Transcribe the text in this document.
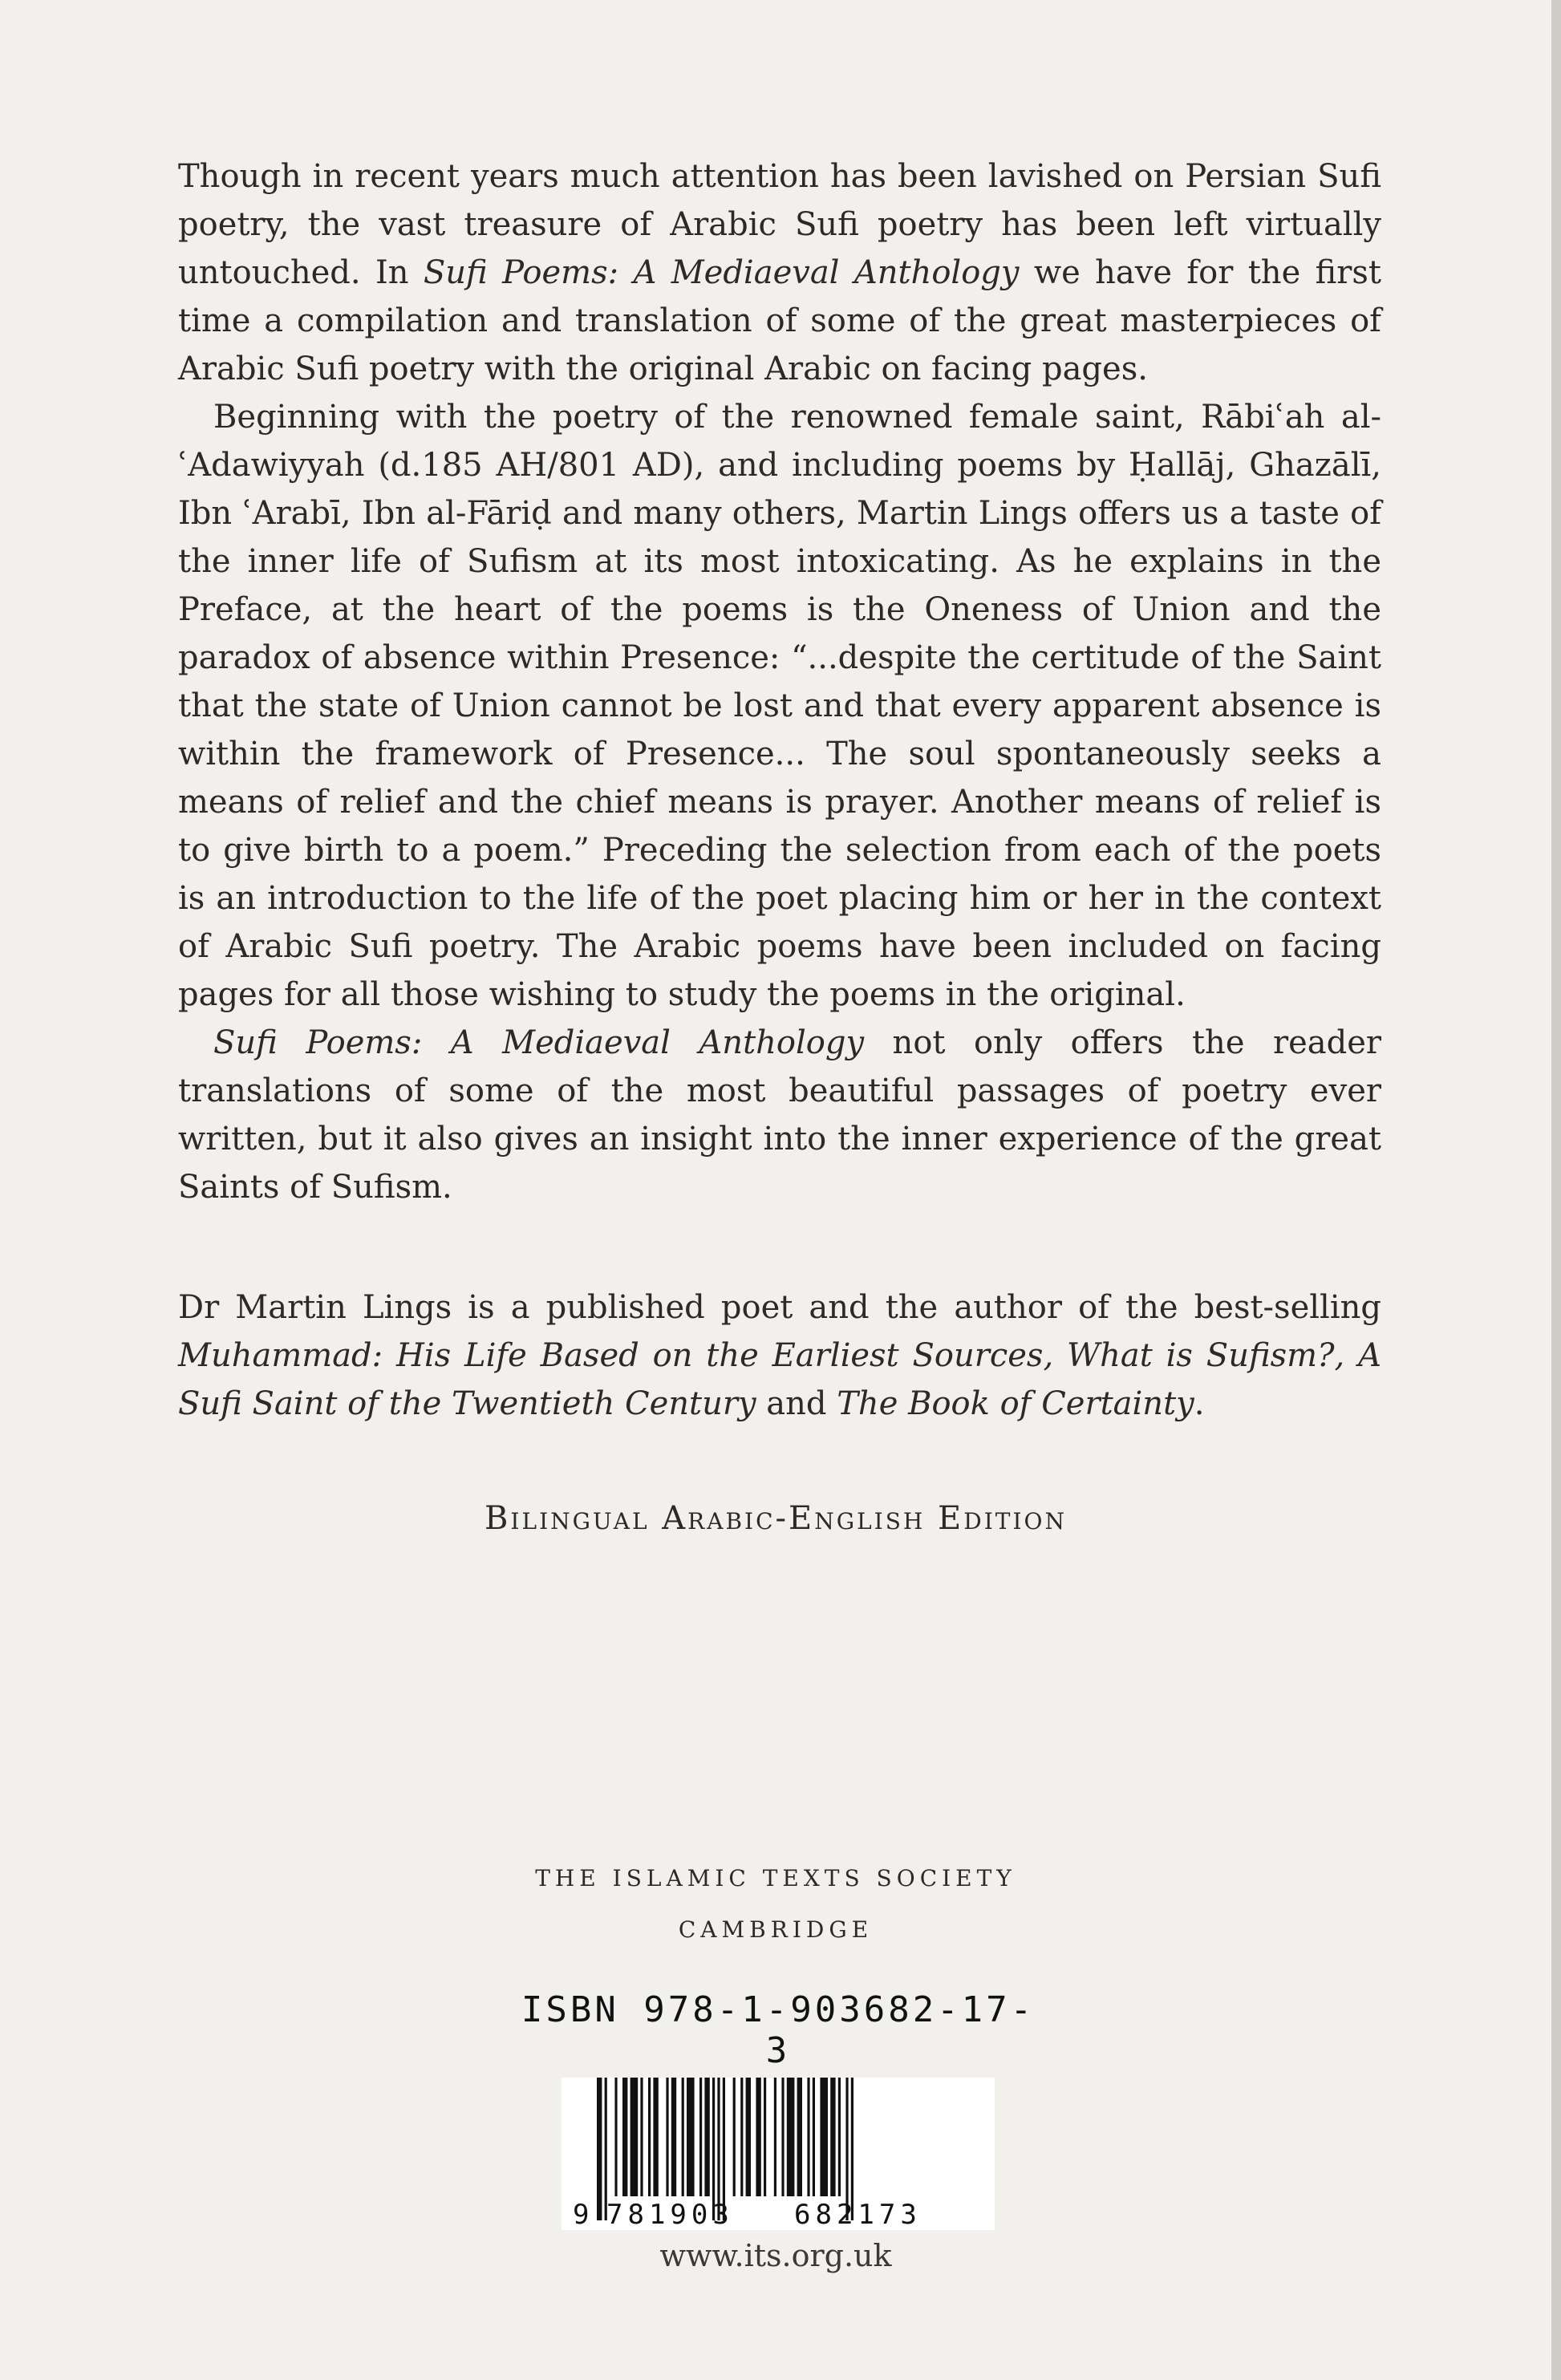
Though in recent years much attention has been lavished on Persian Sufi poetry, the vast treasure of Arabic Sufi poetry has been left virtually untouched. In Sufi Poems: A Mediaeval Anthology we have for the first time a compilation and translation of some of the great masterpieces of Arabic Sufi poetry with the original Arabic on facing pages.

Beginning with the poetry of the renowned female saint, Rābiʿah al-ʿAdawiyyah (d.185 AH/801 AD), and including poems by Ḥallāj, Ghazālī, Ibn ʿArabī, Ibn al-Fāriḍ and many others, Martin Lings offers us a taste of the inner life of Sufism at its most intoxicating. As he explains in the Preface, at the heart of the poems is the Oneness of Union and the paradox of absence within Presence: “...despite the certitude of the Saint that the state of Union cannot be lost and that every apparent absence is within the framework of Presence... The soul spontaneously seeks a means of relief and the chief means is prayer. Another means of relief is to give birth to a poem.” Preceding the selection from each of the poets is an introduction to the life of the poet placing him or her in the context of Arabic Sufi poetry. The Arabic poems have been included on facing pages for all those wishing to study the poems in the original.

Sufi Poems: A Mediaeval Anthology not only offers the reader translations of some of the most beautiful passages of poetry ever written, but it also gives an insight into the inner experience of the great Saints of Sufism.

Dr Martin Lings is a published poet and the author of the best-selling Muhammad: His Life Based on the Earliest Sources, What is Sufism?, A Sufi Saint of the Twentieth Century and The Book of Certainty.

Bilingual Arabic-English Edition
THE ISLAMIC TEXTS SOCIETY
CAMBRIDGE
ISBN 978-1-903682-17-3
9 781903 682173
www.its.org.uk
